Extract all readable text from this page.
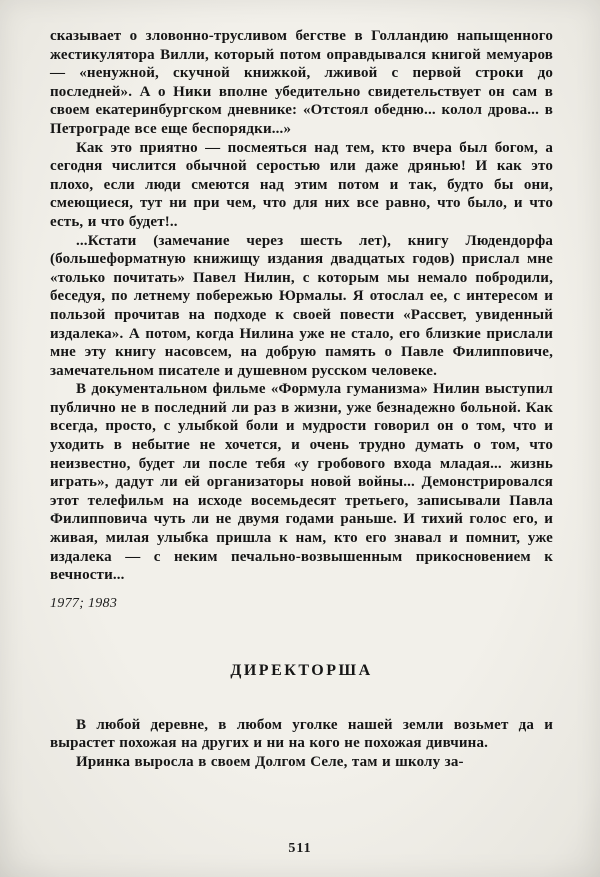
сказывает о зловонно-трусливом бегстве в Голландию напыщенного жестикулятора Вилли, который потом оправдывался книгой мемуаров — «ненужной, скучной книжкой, лживой с первой строки до последней». А о Ники вполне убедительно свидетельствует он сам в своем екатеринбургском дневнике: «Отстоял обедню... колол дрова... в Петрограде все еще беспорядки...»

Как это приятно — посмеяться над тем, кто вчера был богом, а сегодня числится обычной серостью или даже дрянью! И как это плохо, если люди смеются над этим потом и так, будто бы они, смеющиеся, тут ни при чем, что для них все равно, что было, и что есть, и что будет!..

...Кстати (замечание через шесть лет), книгу Людендорфа (большеформатную книжищу издания двадцатых годов) прислал мне «только почитать» Павел Нилин, с которым мы немало побродили, беседуя, по летнему побережью Юрмалы. Я отослал ее, с интересом и пользой прочитав на подходе к своей повести «Рассвет, увиденный издалека». А потом, когда Нилина уже не стало, его близкие прислали мне эту книгу насовсем, на добрую память о Павле Филипповиче, замечательном писателе и душевном русском человеке.

В документальном фильме «Формула гуманизма» Нилин выступил публично не в последний ли раз в жизни, уже безнадежно больной. Как всегда, просто, с улыбкой боли и мудрости говорил он о том, что и уходить в небытие не хочется, и очень трудно думать о том, что неизвестно, будет ли после тебя «у гробового входа младая... жизнь играть», дадут ли ей организаторы новой войны... Демонстрировался этот телефильм на исходе восемьдесят третьего, записывали Павла Филипповича чуть ли не двумя годами раньше. И тихий голос его, и живая, милая улыбка пришла к нам, кто его знавал и помнит, уже издалека — с неким печально-возвышенным прикосновением к вечности...

1977; 1983

ДИРЕКТОРША

В любой деревне, в любом уголке нашей земли возьмет да и вырастет похожая на других и ни на кого не похожая дивчина.

Иринка выросла в своем Долгом Селе, там и школу за-

511
